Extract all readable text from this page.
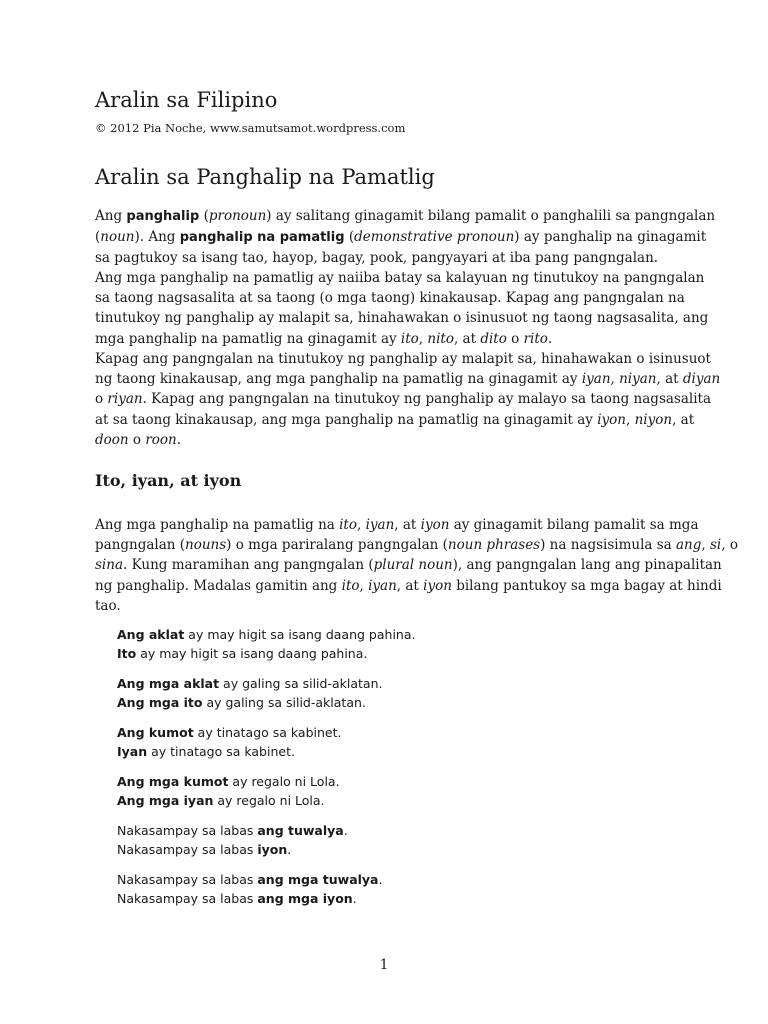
Aralin sa Filipino
© 2012 Pia Noche, www.samutsamot.wordpress.com
Aralin sa Panghalip na Pamatlig

Ang panghalip (pronoun) ay salitang ginagamit bilang pamalit o panghalili sa pangngalan
(noun). Ang panghalip na pamatlig (demonstrative pronoun) ay panghalip na ginagamit
sa pagtukoy sa isang tao, hayop, bagay, pook, pangyayari at iba pang pangngalan.

Ang mga panghalip na pamatlig ay naiiba batay sa kalayuan ng tinutukoy na pangngalan
sa taong nagsasalita at sa taong (o mga taong) kinakausap. Kapag ang pangngalan na
tinutukoy ng panghalip ay malapit sa, hinahawakan o isinusuot ng taong nagsasalita, ang
mga panghalip na pamatlig na ginagamit ay ito, nito, at dito o rito.

Kapag ang pangngalan na tinutukoy ng panghalip ay malapit sa, hinahawakan o isinusuot
ng taong kinakausap, ang mga panghalip na pamatlig na ginagamit ay iyan, niyan, at diyan
o riyan. Kapag ang pangngalan na tinutukoy ng panghalip ay malayo sa taong nagsasalita
at sa taong kinakausap, ang mga panghalip na pamatlig na ginagamit ay iyon, niyon, at
doon o roon.

Ito, iyan, at iyon

Ang mga panghalip na pamatlig na ito, iyan, at iyon ay ginagamit bilang pamalit sa mga
pangngalan (nouns) o mga pariralang pangngalan (noun phrases) na nagsisimula sa ang, si, o
sina. Kung maramihan ang pangngalan (plural noun), ang pangngalan lang ang pinapalitan
ng panghalip. Madalas gamitin ang ito, iyan, at iyon bilang pantukoy sa mga bagay at hindi
tao.

Ang aklat ay may higit sa isang daang pahina.
Ito ay may higit sa isang daang pahina.
Ang mga aklat ay galing sa silid-aklatan.
Ang mga ito ay galing sa silid-aklatan.
Ang kumot ay tinatago sa kabinet.
Iyan ay tinatago sa kabinet.
Ang mga kumot ay regalo ni Lola.
Ang mga iyan ay regalo ni Lola.
Nakasampay sa labas ang tuwalya.
Nakasampay sa labas iyon.
Nakasampay sa labas ang mga tuwalya.
Nakasampay sa labas ang mga iyon.
1
